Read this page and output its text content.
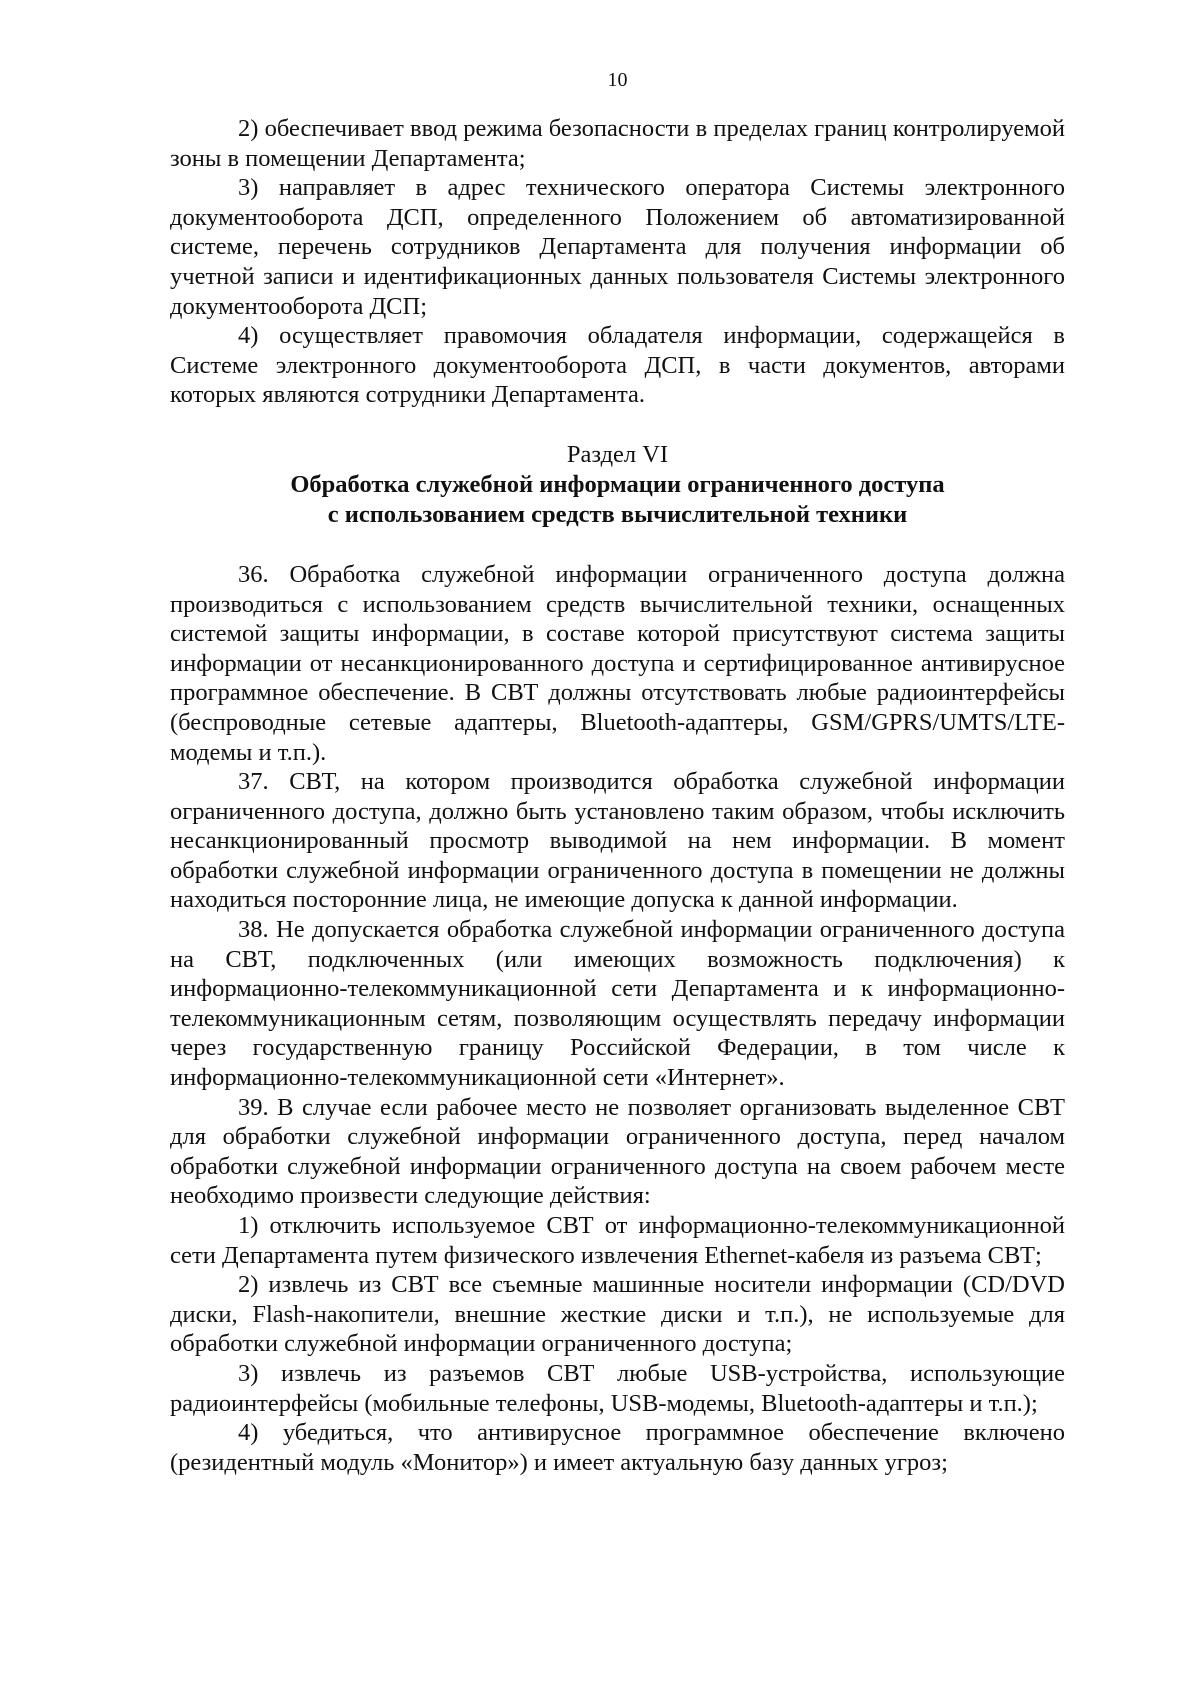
10

2) обеспечивает ввод режима безопасности в пределах границ контролируемой зоны в помещении Департамента;

3) направляет в адрес технического оператора Системы электронного документооборота ДСП, определенного Положением об автоматизированной системе, перечень сотрудников Департамента для получения информации об учетной записи и идентификационных данных пользователя Системы электронного документооборота ДСП;

4) осуществляет правомочия обладателя информации, содержащейся в Системе электронного документооборота ДСП, в части документов, авторами которых являются сотрудники Департамента.

Раздел VI

Обработка служебной информации ограниченного доступа

с использованием средств вычислительной техники

36. Обработка служебной информации ограниченного доступа должна производиться с использованием средств вычислительной техники, оснащенных системой защиты информации, в составе которой присутствуют система защиты информации от несанкционированного доступа и сертифицированное антивирусное программное обеспечение. В СВТ должны отсутствовать любые радиоинтерфейсы (беспроводные сетевые адаптеры, Bluetooth-адаптеры, GSM/GPRS/UMTS/LTE-модемы и т.п.).

37. СВТ, на котором производится обработка служебной информации ограниченного доступа, должно быть установлено таким образом, чтобы исключить несанкционированный просмотр выводимой на нем информации. В момент обработки служебной информации ограниченного доступа в помещении не должны находиться посторонние лица, не имеющие допуска к данной информации.

38. Не допускается обработка служебной информации ограниченного доступа на СВТ, подключенных (или имеющих возможность подключения) к информационно-телекоммуникационной сети Департамента и к информационно-телекоммуникационным сетям, позволяющим осуществлять передачу информации через государственную границу Российской Федерации, в том числе к информационно-телекоммуникационной сети «Интернет».

39. В случае если рабочее место не позволяет организовать выделенное СВТ для обработки служебной информации ограниченного доступа, перед началом обработки служебной информации ограниченного доступа на своем рабочем месте необходимо произвести следующие действия:

1) отключить используемое СВТ от информационно-телекоммуникационной сети Департамента путем физического извлечения Ethernet-кабеля из разъема СВТ;

2) извлечь из СВТ все съемные машинные носители информации (CD/DVD диски, Flash-накопители, внешние жесткие диски и т.п.), не используемые для обработки служебной информации ограниченного доступа;

3) извлечь из разъемов СВТ любые USB-устройства, использующие радиоинтерфейсы (мобильные телефоны, USB-модемы, Bluetooth-адаптеры и т.п.);

4) убедиться, что антивирусное программное обеспечение включено (резидентный модуль «Монитор») и имеет актуальную базу данных угроз;
